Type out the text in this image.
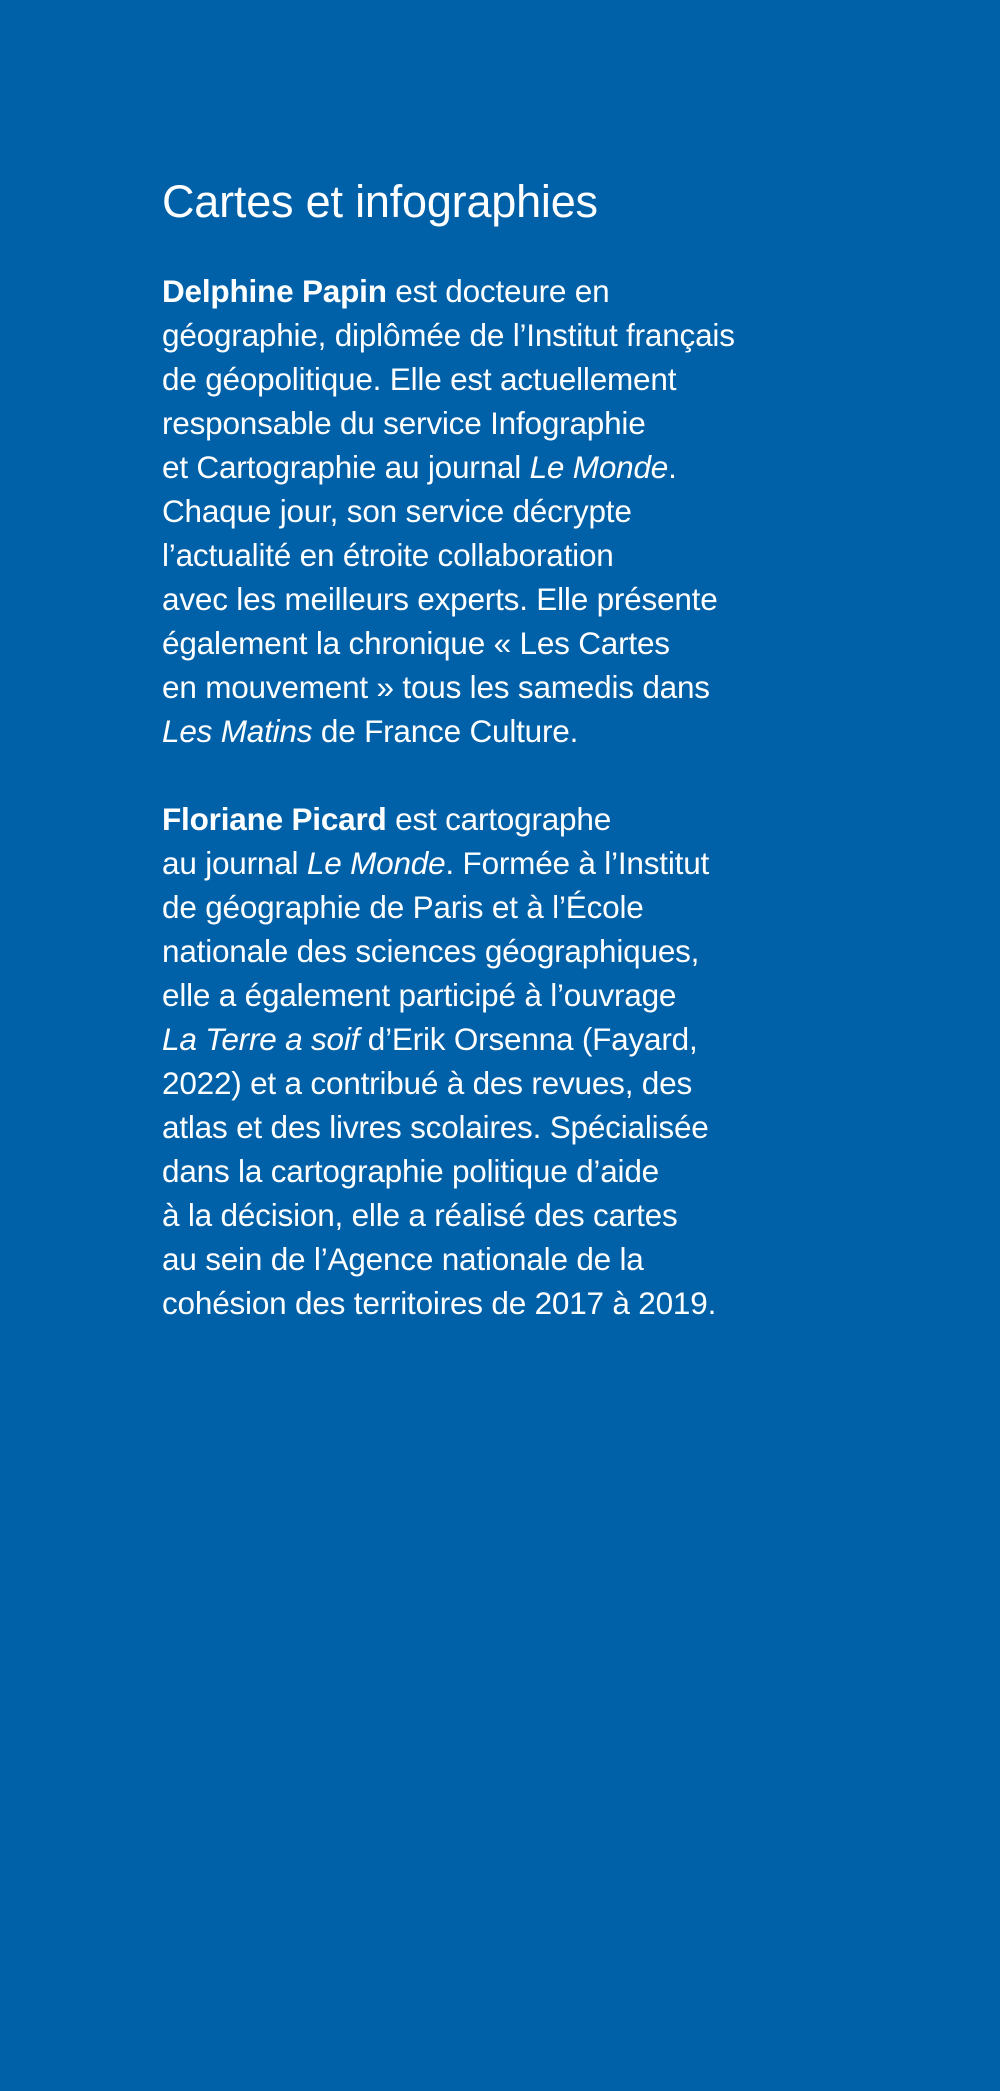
Cartes et infographies

Delphine Papin est docteure en
géographie, diplômée de l’Institut français
de géopolitique. Elle est actuellement
responsable du service Infographie
et Cartographie au journal Le Monde.
Chaque jour, son service décrypte
l’actualité en étroite collaboration
avec les meilleurs experts. Elle présente
également la chronique « Les Cartes
en mouvement » tous les samedis dans
Les Matins de France Culture.

Floriane Picard est cartographe
au journal Le Monde. Formée à l’Institut
de géographie de Paris et à l’École
nationale des sciences géographiques,
elle a également participé à l’ouvrage
La Terre a soif d’Erik Orsenna (Fayard,
2022) et a contribué à des revues, des
atlas et des livres scolaires. Spécialisée
dans la cartographie politique d’aide
à la décision, elle a réalisé des cartes
au sein de l’Agence nationale de la
cohésion des territoires de 2017 à 2019.
